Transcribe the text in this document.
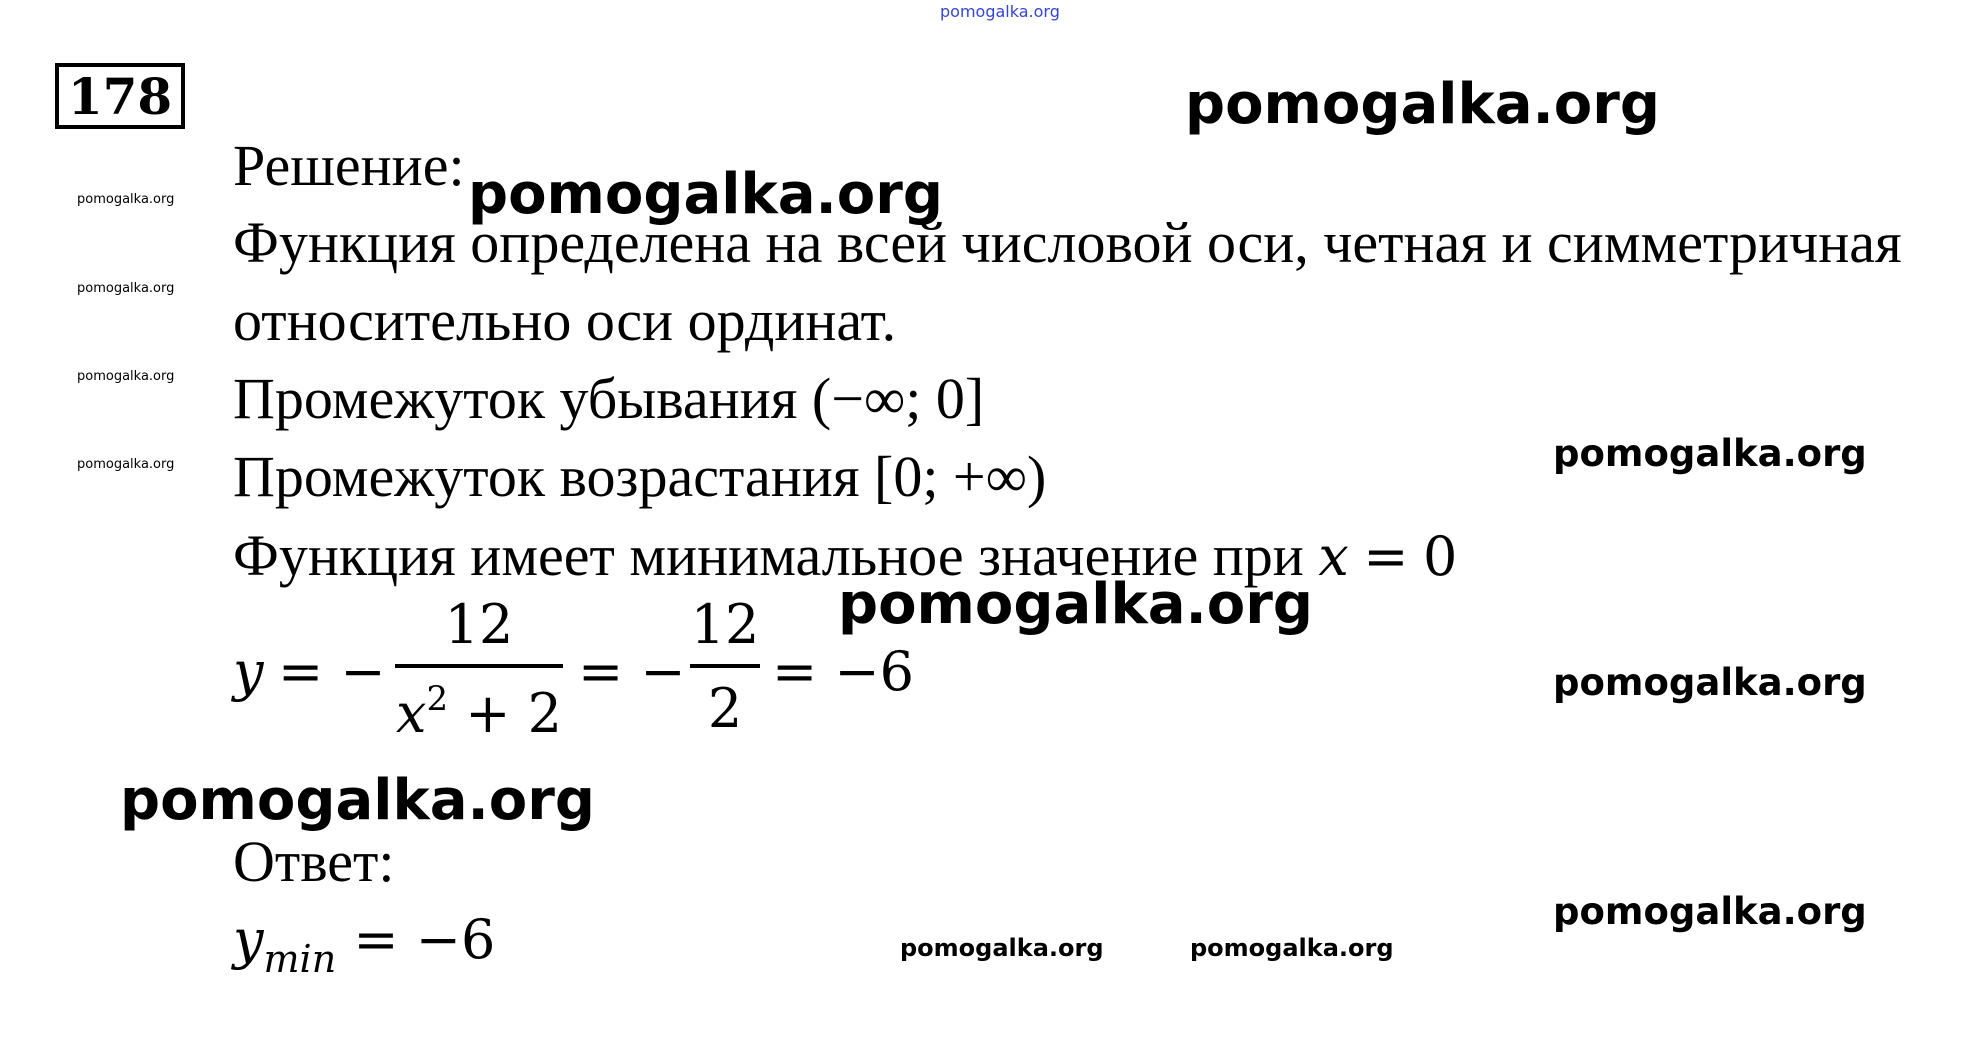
pomogalka.org
178	pomogalka.org
pomogalka.org
pomogalka.org
pomogalka.org
pomogalka.org
pomogalka.org
pomogalka.org
pomogalka.org	pomogalka.org
pomogalka.org
pomogalka.org
pomogalka.org
pomogalka.org
Решение:
Функция определена на всей числовой оси, четная и симметричная
относительно оси ординат.
Промежуток убывания (−∞; 0]
Промежуток возрастания [0; +∞)
Функция имеет минимальное значение при x = 0
y = −
12
$x^2 + 2$
= −
12
2
= −6
Ответ:
$y_{min} = -6$
